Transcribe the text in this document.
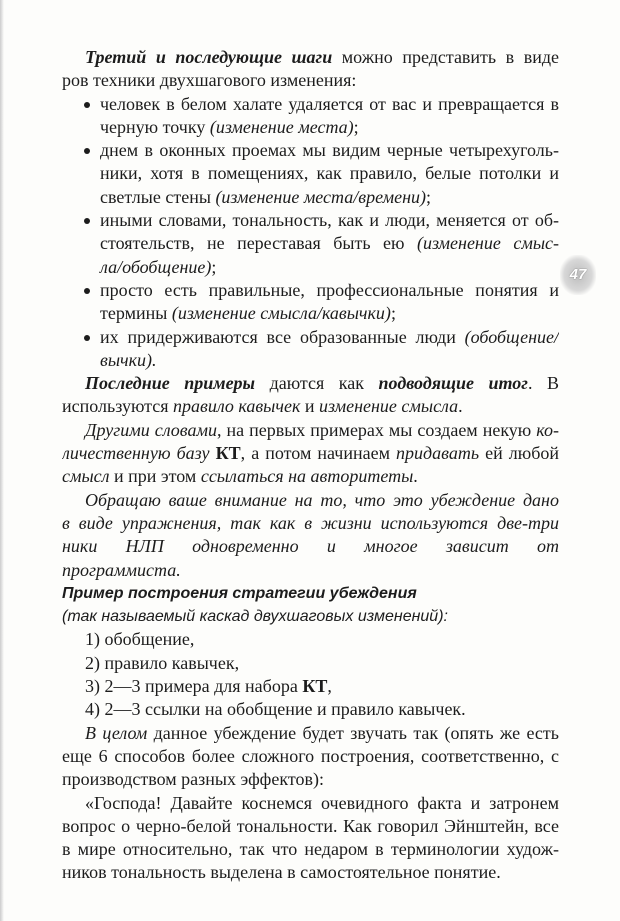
Третий и последующие шаги можно представить в виде
ров техники двухшагового изменения:
человек в белом халате удаляется от вас и превращается в
черную точку (изменение места);
днем в оконных проемах мы видим черные четырехуголь-
ники, хотя в помещениях, как правило, белые потолки и
светлые стены (изменение места/времени);
иными словами, тональность, как и люди, меняется от об-
стоятельств, не переставая быть ею (изменение смыс-
ла/обобщение);
просто есть правильные, профессиональные понятия и
термины (изменение смысла/кавычки);
их придерживаются все образованные люди (обобщение/
вычки).
Последние примеры даются как подводящие итог. В
используются правило кавычек и изменение смысла.
Другими словами, на первых примерах мы создаем некую ко-
личественную базу КТ, а потом начинаем придавать ей любой
смысл и при этом ссылаться на авторитеты.
Обращаю ваше внимание на то, что это убеждение дано
в виде упражнения, так как в жизни используются две-три
ники НЛП одновременно и многое зависит от
программиста.
Пример построения стратегии убеждения
(так называемый каскад двухшаговых изменений):
1) обобщение,
2) правило кавычек,
3) 2—3 примера для набора КТ,
4) 2—3 ссылки на обобщение и правило кавычек.
В целом данное убеждение будет звучать так (опять же есть
еще 6 способов более сложного построения, соответственно, с
производством разных эффектов):
«Господа! Давайте коснемся очевидного факта и затронем
вопрос о черно-белой тональности. Как говорил Эйнштейн, все
в мире относительно, так что недаром в терминологии худож-
ников тональность выделена в самостоятельное понятие.
47
